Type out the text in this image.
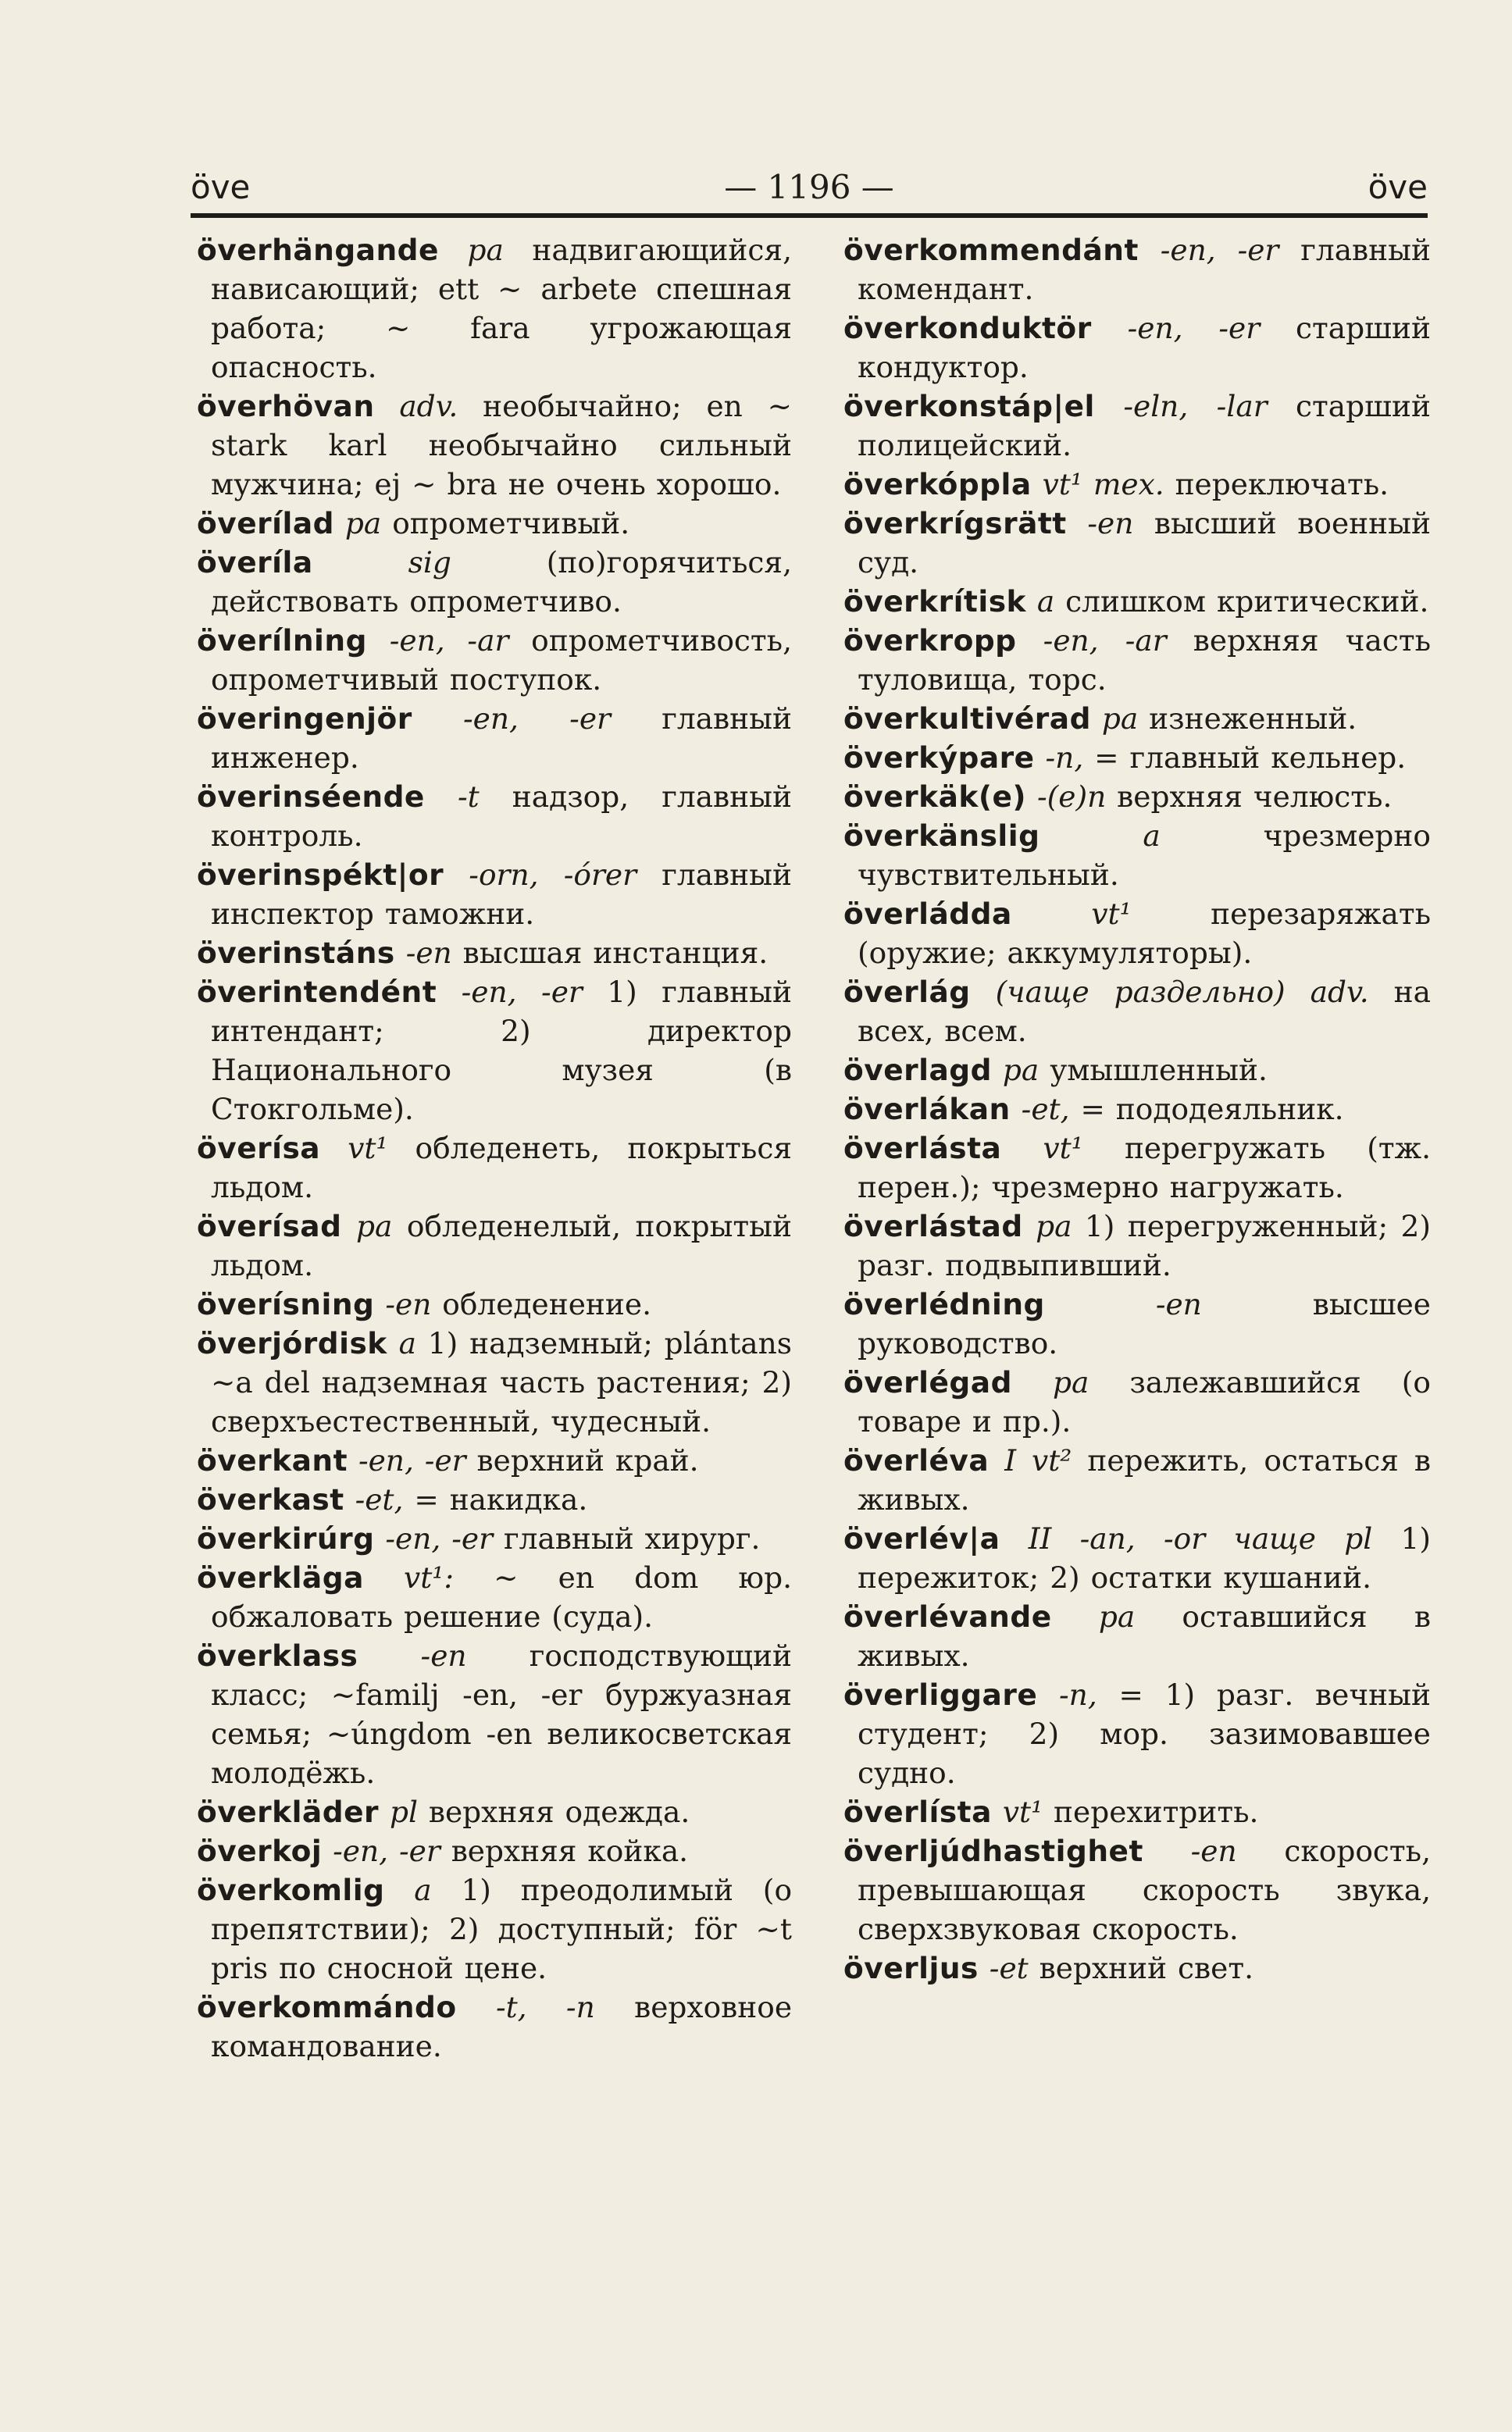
öve	— 1196 —	öve

överhängande pa надвигающийся, нависающий; ett ~ arbete спешная работа; ~ fara угрожающая опасность.

överhövan adv. необычайно; en ~ stark karl необычайно сильный мужчина; ej ~ bra не очень хорошо.

överílad pa опрометчивый.

överíla	sig	(по)горячиться, действовать опрометчиво.

överílning -en, -ar опрометчивость, опрометчивый поступок.

överingenjör -en, -er главный инженер.

överinséende -t надзор, главный контроль.

överinspékt|or -orn, -órer главный инспектор таможни.

överinstáns -en высшая инстанция.

överintendént -en, -er 1) главный интендант; 2) директор Национального музея (в Стокгольме).

överísa vt¹ обледенеть, покрыться льдом.

överísad pa обледенелый, покрытый льдом.

överísning -en обледенение.

överjórdisk a 1) надземный; plántans ~a del надземная часть растения; 2) сверхъестественный, чудесный.

överkant -en, -er верхний край.

överkast -et, = накидка.

överkirúrg -en, -er главный хирург.

överkläga vt¹: ~ en dom юр. обжаловать решение (суда).

överklass -en господствующий класс; ~familj -en, -er буржуазная семья; ~úngdom -en великосветская молодёжь.

överkläder pl верхняя одежда.

överkoj -en, -er верхняя койка.

överkomlig a 1) преодолимый (о препятствии); 2) доступный; för ~t pris по сносной цене.

överkommándo -t, -n верховное командование.

överkommendánt -en, -er главный комендант.

överkonduktör -en, -er старший кондуктор.

överkonstáp|el -eln, -lar старший полицейский.

överkóppla vt¹ тех. переключать.

överkrígsrätt -en высший военный суд.

överkrítisk a слишком критический.

överkropp -en, -ar верхняя часть туловища, торс.

överkultivérad pa изнеженный.

överkýpare -n, = главный кельнер.

överkäk(e) -(e)n верхняя челюсть.

överkänslig	a	чрезмерно чувствительный.

överládda	vt¹	перезаряжать (оружие; аккумуляторы).

överlág (чаще раздельно) adv. на всех, всем.

överlagd pa умышленный.

överlákan -et, = пододеяльник.

överlásta vt¹ перегружать (тж. перен.); чрезмерно нагружать.

överlástad pa 1) перегруженный; 2) разг. подвыпивший.

överlédning	-en	высшее руководство.

överlégad pa залежавшийся (о товаре и пр.).

överléva I vt² пережить, остаться в живых.

överlév|a II -an, -or чаще pl 1) пережиток; 2) остатки кушаний.

överlévande pa оставшийся в живых.

överliggare -n, = 1) разг. вечный студент; 2) мор. зазимовавшее судно.

överlísta vt¹ перехитрить.

överljúdhastighet -en скорость, превышающая скорость звука, сверхзвуковая скорость.

överljus -et верхний свет.
